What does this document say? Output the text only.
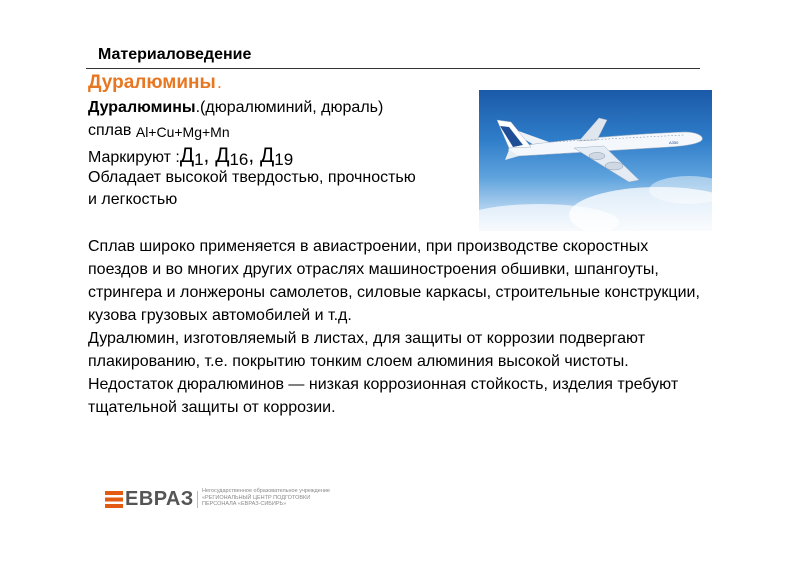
Материаловедение
Дуралюмины .
Дуралюмины.(дюралюминий, дюраль)
сплав Al+Cu+Mg+Mn
Маркируют :Д1, Д16, Д19
Обладает высокой твердостью, прочностью
и легкостью
A350

Сплав широко применяется в авиастроении, при производстве скоростных поездов и во многих других отраслях машиностроения обшивки, шпангоуты, стрингера и лонжероны самолетов, силовые каркасы, строительные конструкции, кузова грузовых автомобилей и т.д.

Дуралюмин, изготовляемый в листах, для защиты от коррозии подвергают плакированию, т.е. покрытию тонким слоем алюминия высокой чистоты.

Недостаток дюралюминов — низкая коррозионная стойкость, изделия требуют тщательной защиты от коррозии.

ЕВРАЗ Негосударственное образовательное учреждение
«РЕГИОНАЛЬНЫЙ ЦЕНТР ПОДГОТОВКИ
ПЕРСОНАЛА «ЕВРАЗ-СИБИРЬ»
